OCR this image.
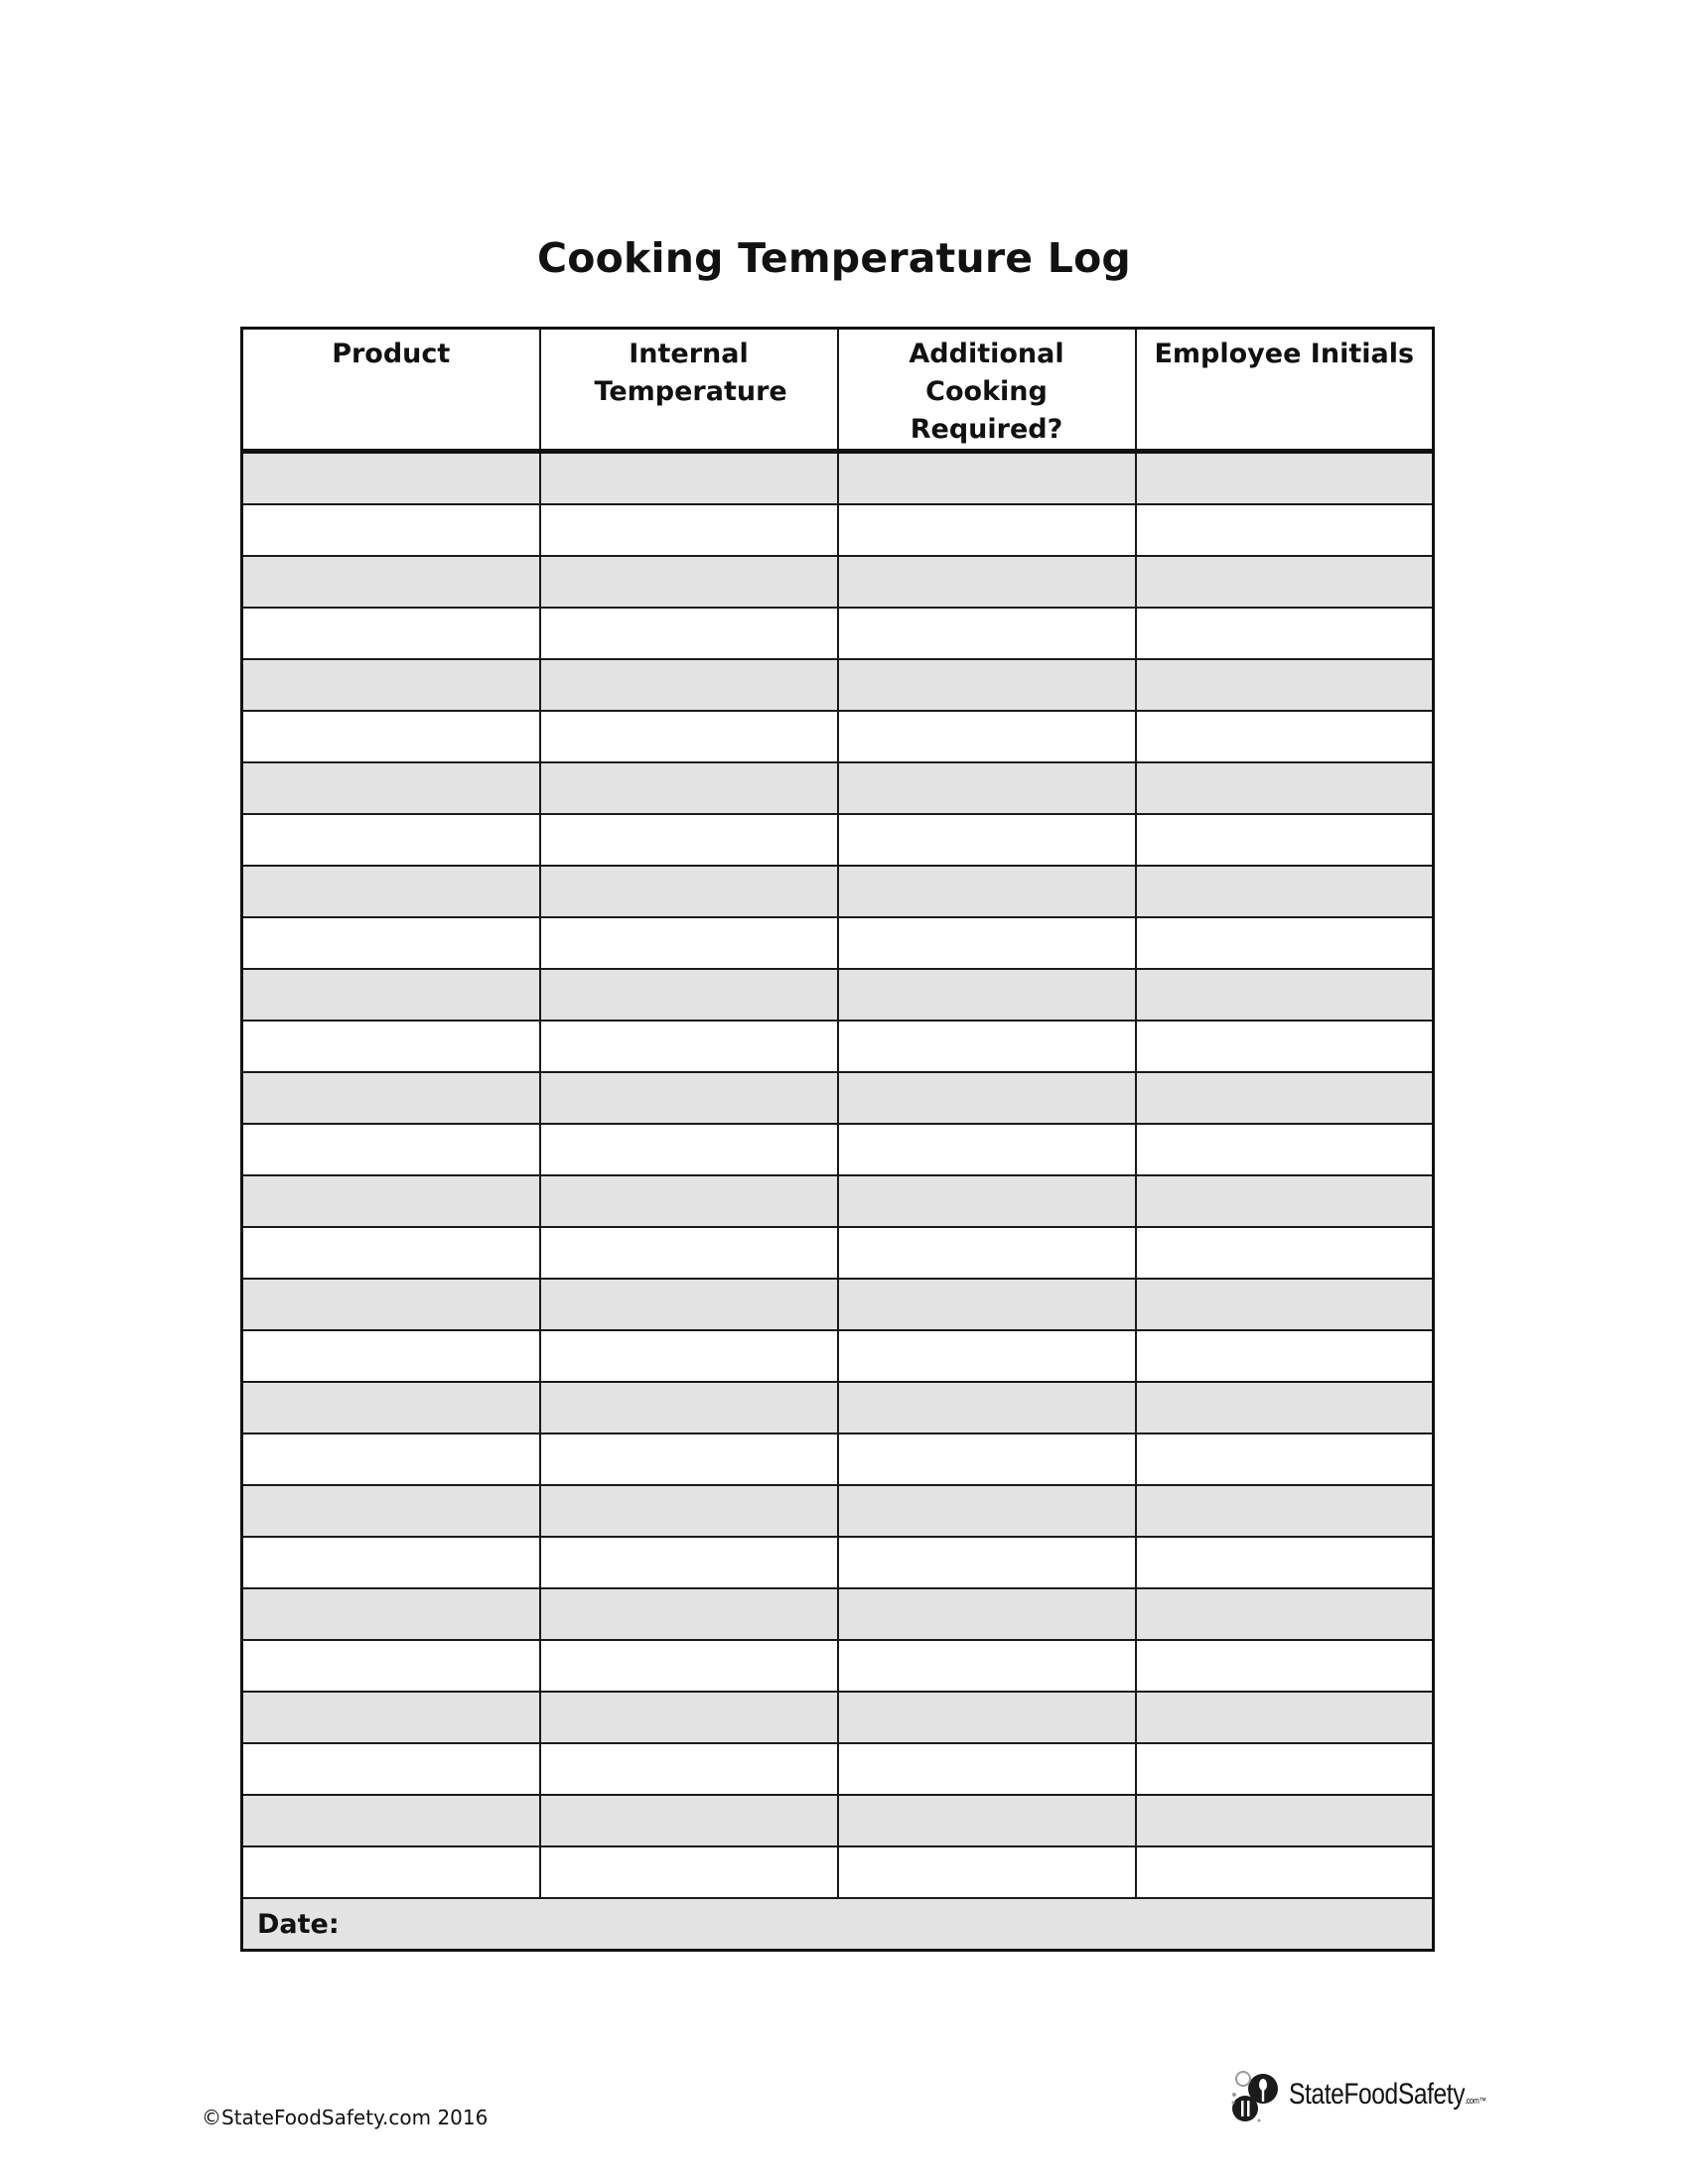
Cooking Temperature Log
Product	Internal Temperature	Additional Cooking Required?	Employee Initials

Date:			
©StateFoodSafety.com 2016
StateFoodSafety.com™
